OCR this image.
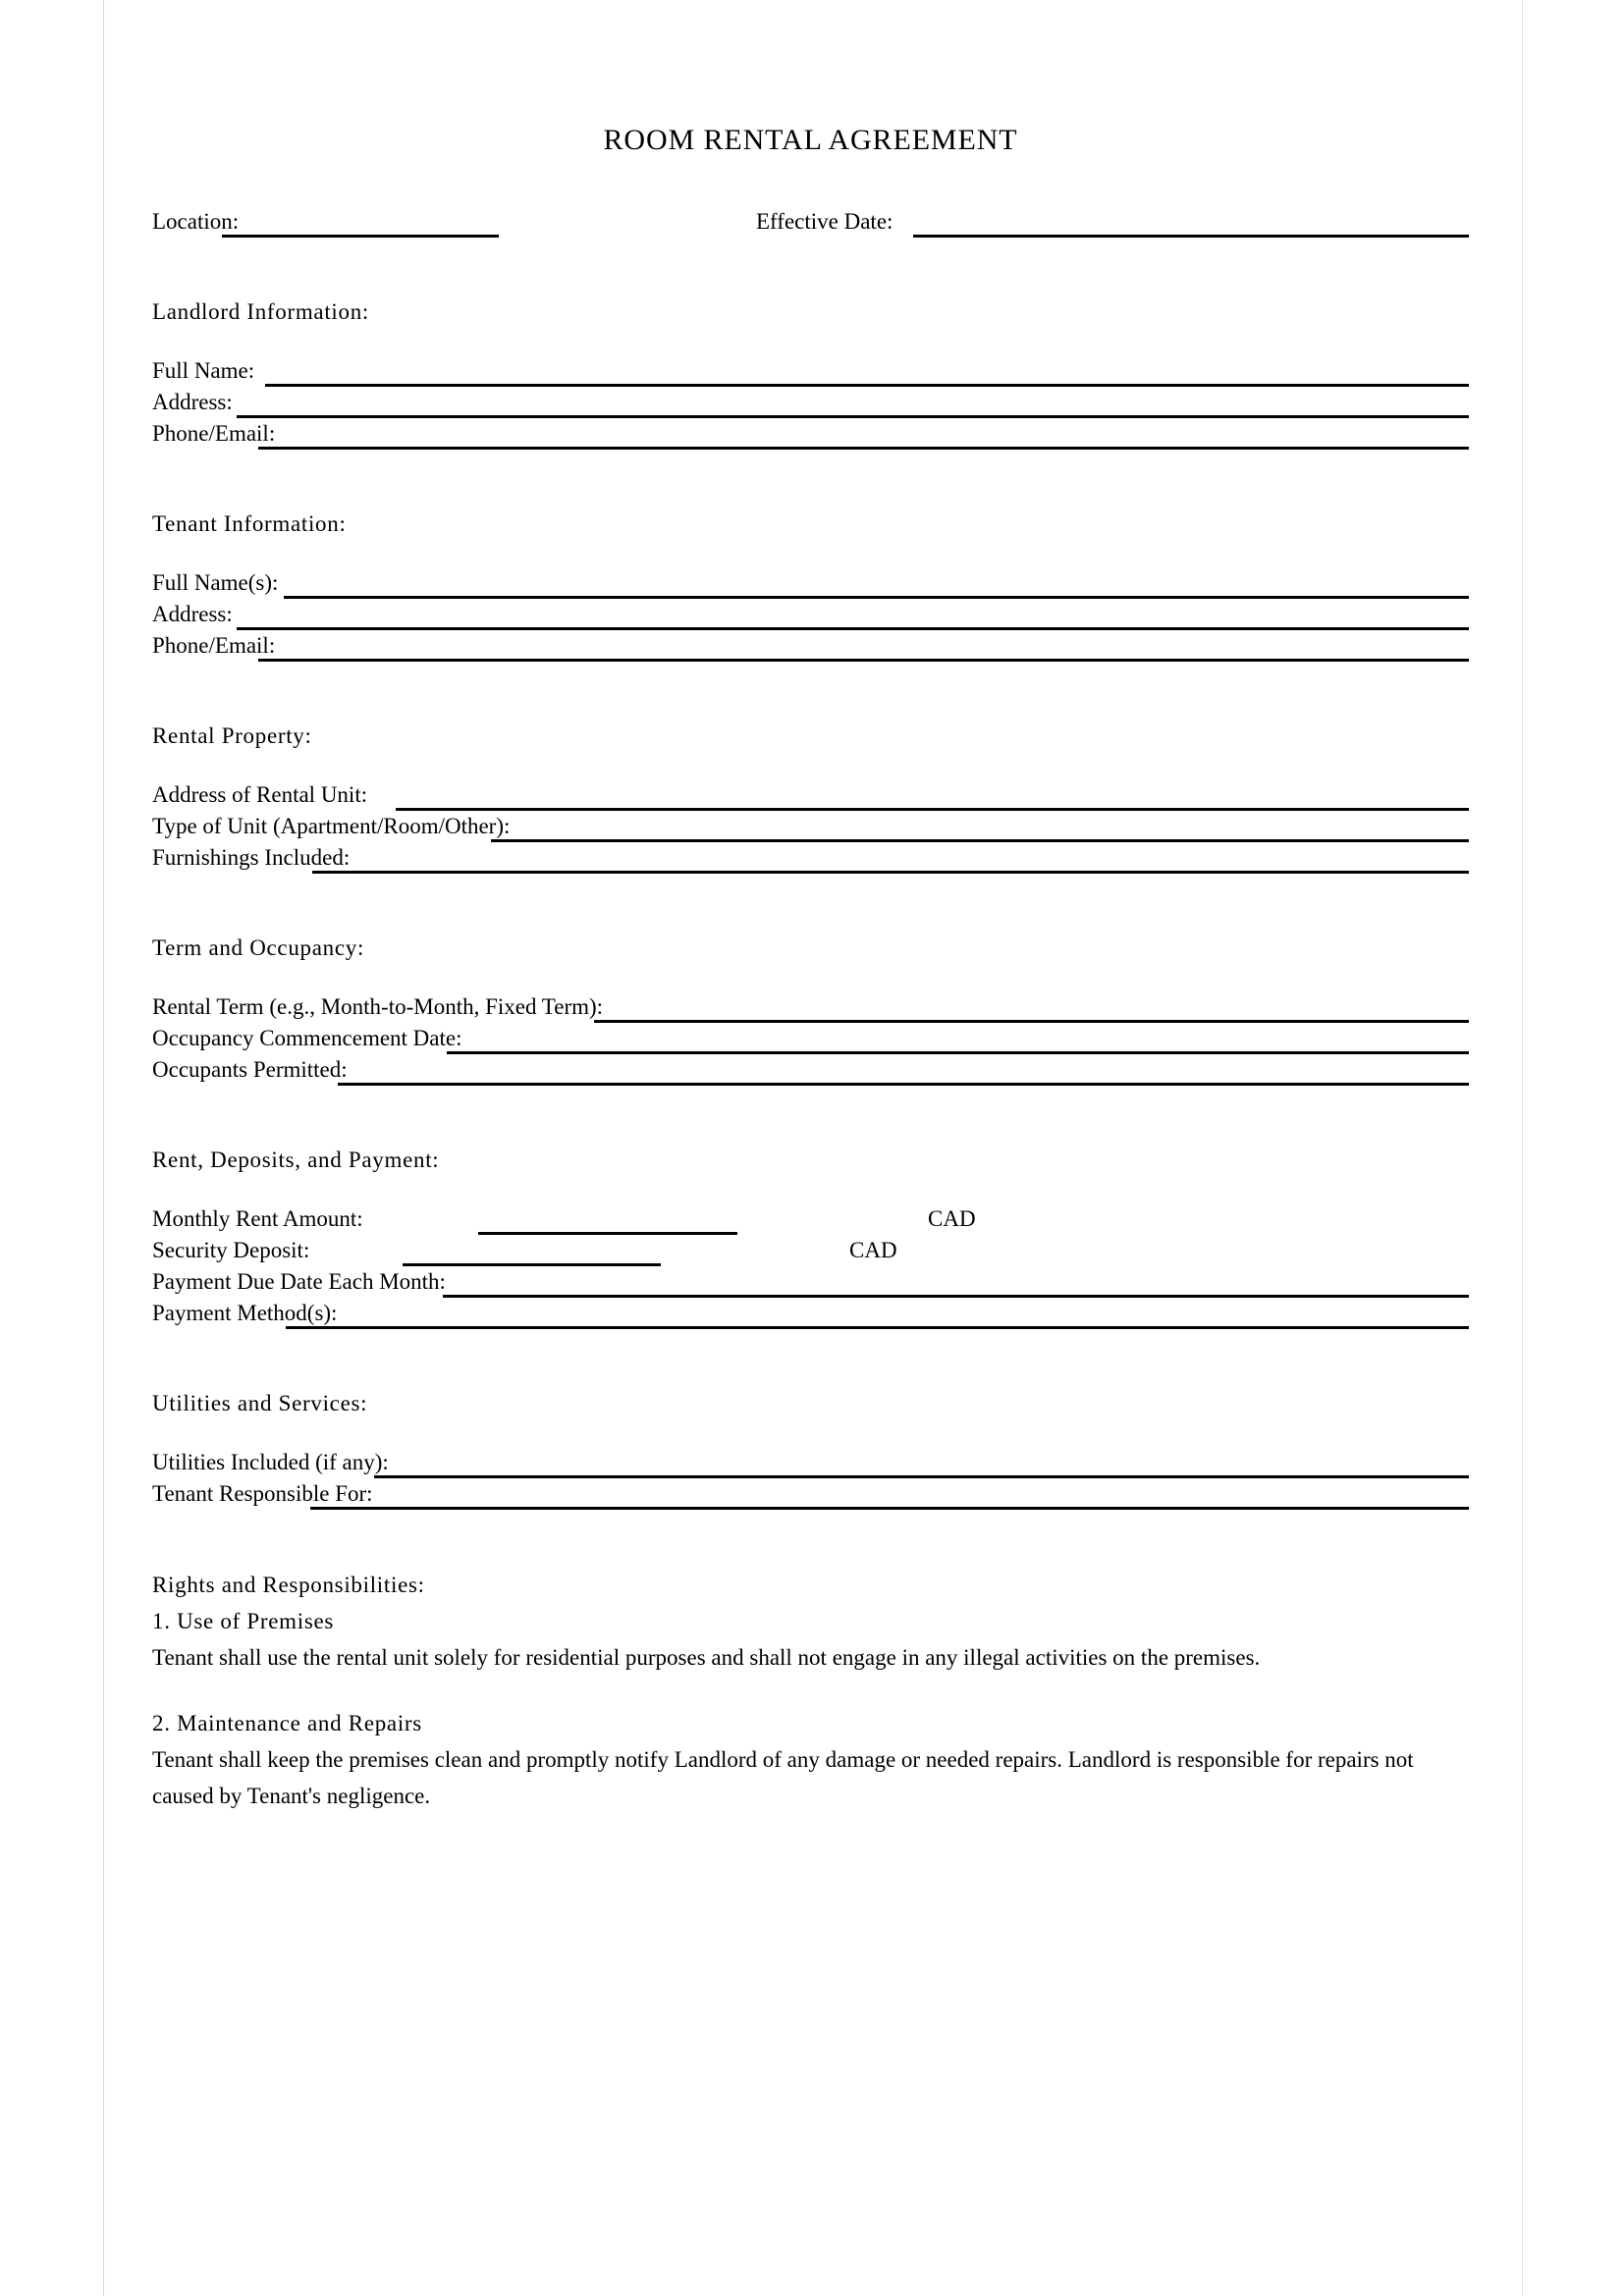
ROOM RENTAL AGREEMENT
Location:	Effective Date:
Landlord Information:
Full Name:
Address:
Phone/Email:
Tenant Information:
Full Name(s):
Address:
Phone/Email:
Rental Property:
Address of Rental Unit:
Type of Unit (Apartment/Room/Other):
Furnishings Included:
Term and Occupancy:
Rental Term (e.g., Month-to-Month, Fixed Term):
Occupancy Commencement Date:
Occupants Permitted:
Rent, Deposits, and Payment:
Monthly Rent Amount:	CAD
Security Deposit:	CAD
Payment Due Date Each Month:
Payment Method(s):
Utilities and Services:
Utilities Included (if any):
Tenant Responsible For:
Rights and Responsibilities:
1. Use of Premises

Tenant shall use the rental unit solely for residential purposes and shall not engage in any illegal activities on the premises.

2. Maintenance and Repairs

Tenant shall keep the premises clean and promptly notify Landlord of any damage or needed repairs. Landlord is responsible for repairs not caused by Tenant's negligence.
